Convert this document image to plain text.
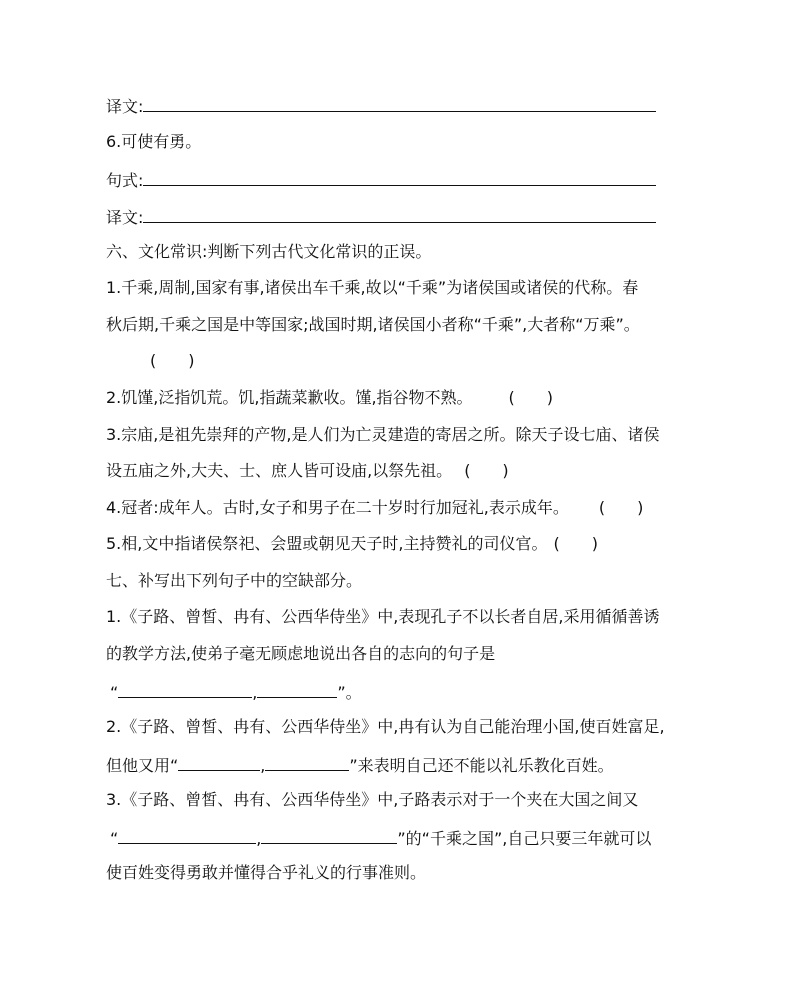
译文:
6.可使有勇。
句式:
译文:
六、文化常识:判断下列古代文化常识的正误。
1.千乘,周制,国家有事,诸侯出车千乘,故以“千乘”为诸侯国或诸侯的代称。春
秋后期,千乘之国是中等国家;战国时期,诸侯国小者称“千乘”,大者称“万乘”。
(　　)
2.饥馑,泛指饥荒。饥,指蔬菜歉收。馑,指谷物不熟。 (　　)
3.宗庙,是祖先崇拜的产物,是人们为亡灵建造的寄居之所。除天子设七庙、诸侯
设五庙之外,大夫、士、庶人皆可设庙,以祭先祖。 (　　)
4.冠者:成年人。古时,女子和男子在二十岁时行加冠礼,表示成年。 (　　)
5.相,文中指诸侯祭祀、会盟或朝见天子时,主持赞礼的司仪官。 (　　)
七、补写出下列句子中的空缺部分。
1.《子路、曾皙、冉有、公西华侍坐》中,表现孔子不以长者自居,采用循循善诱
的教学方法,使弟子毫无顾虑地说出各自的志向的句子是
“	,	”。
2.《子路、曾皙、冉有、公西华侍坐》中,冉有认为自己能治理小国,使百姓富足,
但他又用“	,	”来表明自己还不能以礼乐教化百姓。
3.《子路、曾皙、冉有、公西华侍坐》中,子路表示对于一个夹在大国之间又
“	,	”的“千乘之国”,自己只要三年就可以
使百姓变得勇敢并懂得合乎礼义的行事准则。
